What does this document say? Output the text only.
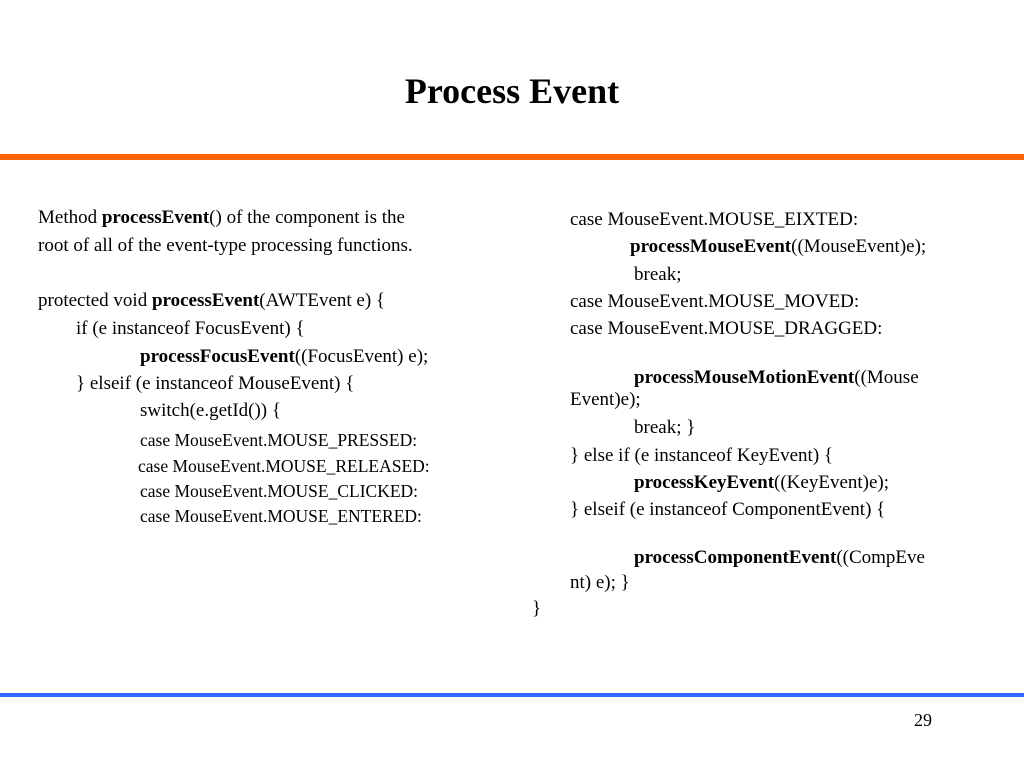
Process Event
Method processEvent() of the component is the
root of all of the event-type processing functions.
protected void processEvent(AWTEvent e) {
if (e instanceof FocusEvent) {
processFocusEvent((FocusEvent) e);
} elseif (e instanceof MouseEvent) {
switch(e.getId()) {
case MouseEvent.MOUSE_PRESSED:
case MouseEvent.MOUSE_RELEASED:
case MouseEvent.MOUSE_CLICKED:
case MouseEvent.MOUSE_ENTERED:
case MouseEvent.MOUSE_EIXTED:
processMouseEvent((MouseEvent)e);
break;
case MouseEvent.MOUSE_MOVED:
case MouseEvent.MOUSE_DRAGGED:
processMouseMotionEvent((Mouse
Event)e);
break; }
} else if (e instanceof KeyEvent) {
processKeyEvent((KeyEvent)e);
} elseif (e instanceof ComponentEvent) {
processComponentEvent((CompEve
nt) e); }
}
29
